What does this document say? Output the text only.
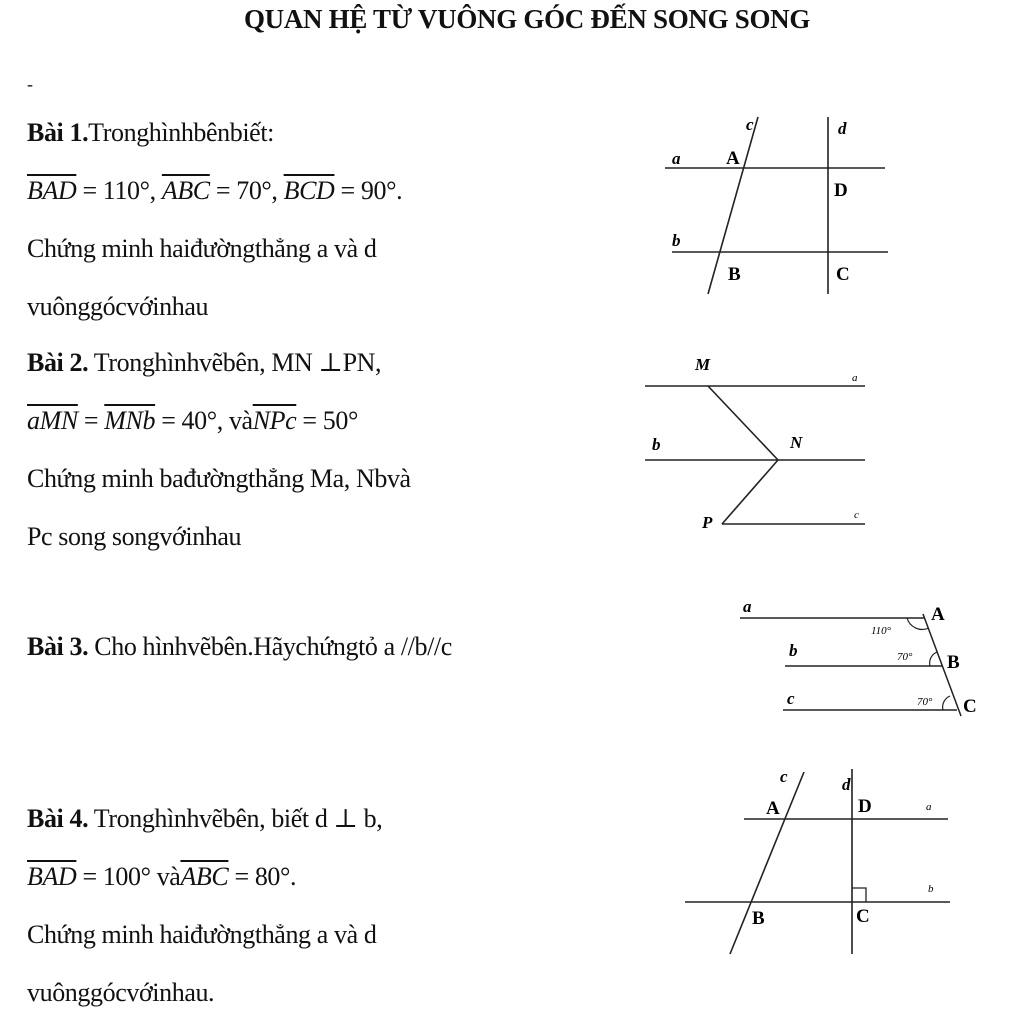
QUAN HỆ TỪ VUÔNG GÓC ĐẾN SONG SONG
-
Bài 1.Tronghìnhbênbiết:
$\overline{BAD} = 110^\circ$, $\overline{ABC} = 70^\circ$, $\overline{BCD} = 90^\circ$.
Chứng minh haiđườngthẳng a và d
vuônggócvớinhau
c	d
a A
D
b
B	C
Bài 2. Tronghìnhvẽbên, MN ⊥PN,
$\overline{aMN} = \overline{MNb} = 40^\circ$, $và\overline{NPc} = 50^\circ$
Chứng minh bađườngthẳng Ma, Nbvà
Pc song songvớinhau
M
a
b	N
P	c
Bài 3. Cho hìnhvẽbên.Hãychứngtỏ a //b//c
a	A
110°
b	70° B
c	70° C
Bài 4. Tronghìnhvẽbên, biết d ⊥ b,
$\overline{BAD} = 100^\circ$ $và\overline{ABC} = 80^\circ$.
Chứng minh haiđườngthẳng a và d
vuônggócvớinhau.
c	d
A	D	a
b
B	C
